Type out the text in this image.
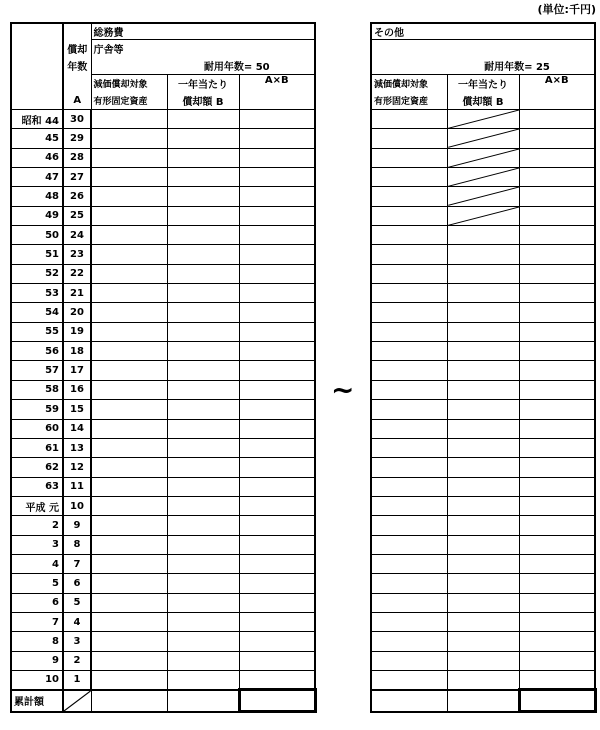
(単位:千円)
~
		総務費		
	償却	庁舎等		
	年数	耐用年数= 50		
		減価償却対象	一年当たり	A×B
	A	有形固定資産	償却額 B	
昭和 44	30			
45	29			
46	28			
47	27			
48	26			
49	25			
50	24			
51	23			
52	22			
53	21			
54	20			
55	19			
56	18			
57	17			
58	16			
59	15			
60	14			
61	13			
62	12			
63	11			
平成 元	10			
2	9			
3	8			
4	7			
5	6			
6	5			
7	4			
8	3			
9	2			
10	1			
累計額	

その他		

耐用年数= 25		
減価償却対象	一年当たり	A×B
有形固定資産	償却額 B	
